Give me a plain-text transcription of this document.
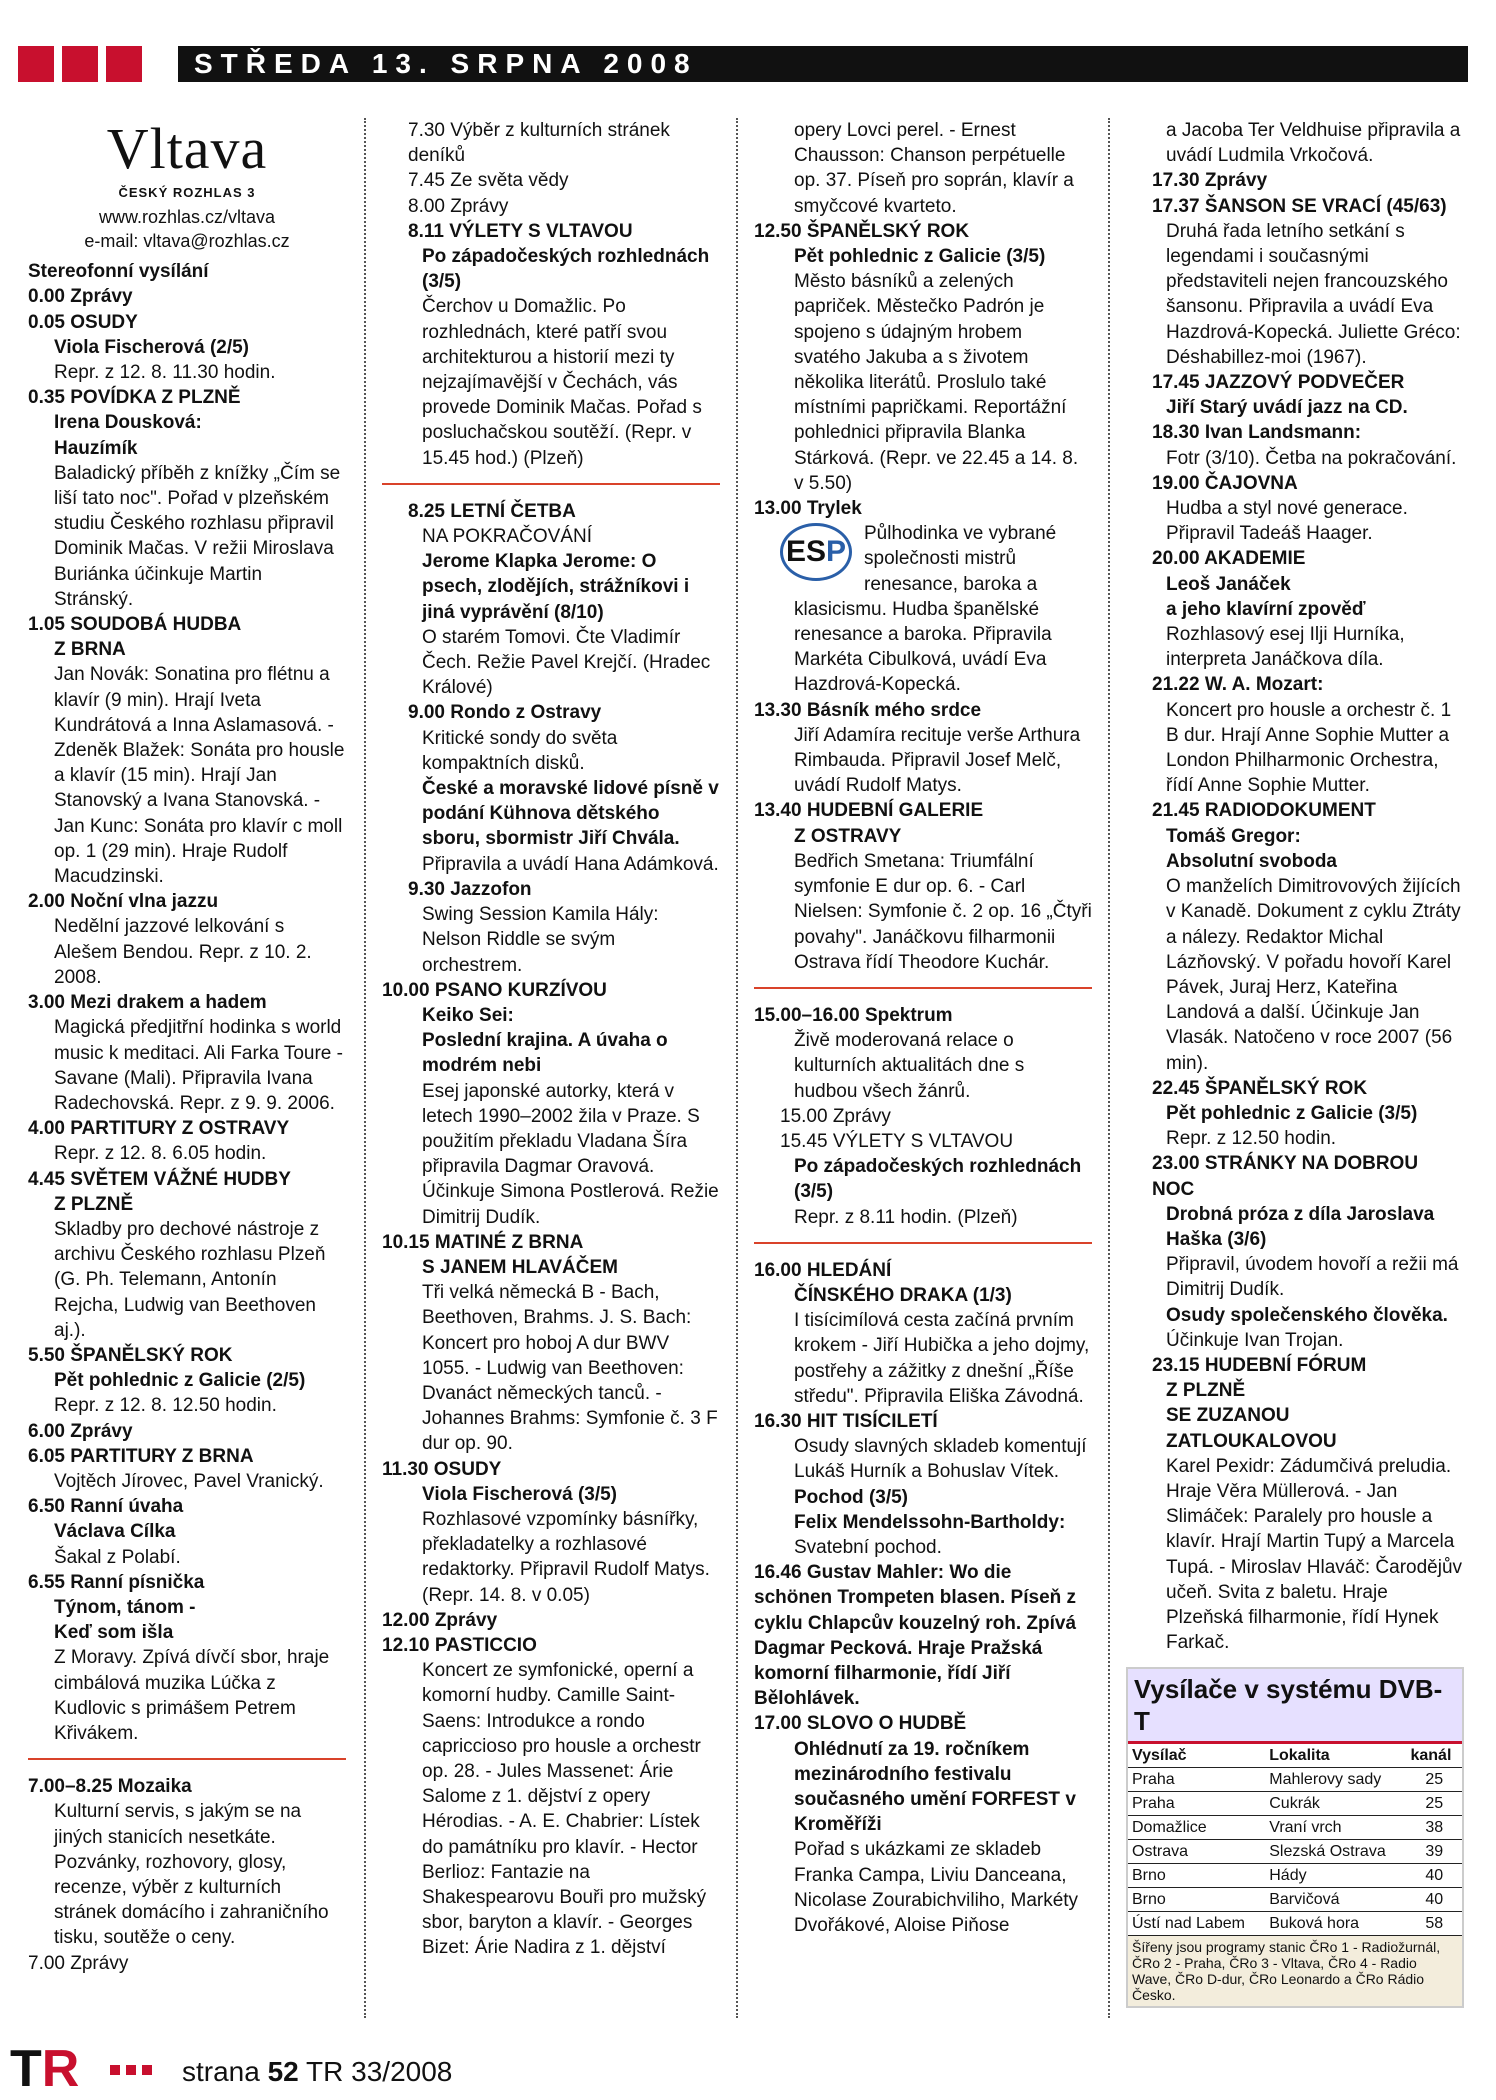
STŘEDA 13. SRPNA 2008
Vltava
ČESKÝ ROZHLAS 3
www.rozhlas.cz/vltava
e-mail: vltava@rozhlas.cz

Stereofonní vysílání

0.00 Zprávy

0.05 OSUDY

Viola Fischerová (2/5)

Repr. z 12. 8. 11.30 hodin.

0.35 POVÍDKA Z PLZNĚ

Irena Dousková:

Hauzímík

Baladický příběh z knížky „Čím se liší tato noc". Pořad v plzeňském studiu Českého rozhlasu připravil Dominik Mačas. V režii Miroslava Buriánka účinkuje Martin Stránský.

1.05 SOUDOBÁ HUDBA

Z BRNA

Jan Novák: Sonatina pro flétnu a klavír (9 min). Hrají Iveta Kundrátová a Inna Aslamasová. - Zdeněk Blažek: Sonáta pro housle a klavír (15 min). Hrají Jan Stanovský a Ivana Stanovská. - Jan Kunc: Sonáta pro klavír c moll op. 1 (29 min). Hraje Rudolf Macudzinski.

2.00 Noční vlna jazzu

Nedělní jazzové lelkování s Alešem Bendou. Repr. z 10. 2. 2008.

3.00 Mezi drakem a hadem

Magická předjitřní hodinka s world music k meditaci. Ali Farka Toure - Savane (Mali). Připravila Ivana Radechovská. Repr. z 9. 9. 2006.

4.00 PARTITURY Z OSTRAVY

Repr. z 12. 8. 6.05 hodin.

4.45 SVĚTEM VÁŽNÉ HUDBY

Z PLZNĚ

Skladby pro dechové nástroje z archivu Českého rozhlasu Plzeň (G. Ph. Telemann, Antonín Rejcha, Ludwig van Beethoven aj.).

5.50 ŠPANĚLSKÝ ROK

Pět pohlednic z Galicie (2/5)

Repr. z 12. 8. 12.50 hodin.

6.00 Zprávy

6.05 PARTITURY Z BRNA

Vojtěch Jírovec, Pavel Vranický.

6.50 Ranní úvaha

Václava Cílka

Šakal z Polabí.

6.55 Ranní písnička

Týnom, tánom -

Keď som išla

Z Moravy. Zpívá dívčí sbor, hraje cimbálová muzika Lúčka z Kudlovic s primášem Petrem Křivákem.

7.00–8.25 Mozaika

Kulturní servis, s jakým se na jiných stanicích nesetkáte. Pozvánky, rozhovory, glosy, recenze, výběr z kulturních stránek domácího i zahraničního tisku, soutěže o ceny.

7.00 Zprávy

7.30 Výběr z kulturních stránek deníků

7.45 Ze světa vědy

8.00 Zprávy

8.11 VÝLETY S VLTAVOU

Po západočeských rozhlednách (3/5)

Čerchov u Domažlic. Po rozhlednách, které patří svou architekturou a historií mezi ty nejzajímavější v Čechách, vás provede Dominik Mačas. Pořad s posluchačskou soutěží. (Repr. v 15.45 hod.) (Plzeň)

8.25 LETNÍ ČETBA

NA POKRAČOVÁNÍ

Jerome Klapka Jerome: O psech, zlodějích, strážníkovi i jiná vyprávění (8/10)

O starém Tomovi. Čte Vladimír Čech. Režie Pavel Krejčí. (Hradec Králové)

9.00 Rondo z Ostravy

Kritické sondy do světa kompaktních disků.

České a moravské lidové písně v podání Kühnova dětského sboru, sbormistr Jiří Chvála.

Připravila a uvádí Hana Adámková.

9.30 Jazzofon

Swing Session Kamila Hály: Nelson Riddle se svým orchestrem.

10.00 PSANO KURZÍVOU

Keiko Sei:

Poslední krajina. A úvaha o modrém nebi

Esej japonské autorky, která v letech 1990–2002 žila v Praze. S použitím překladu Vladana Šíra připravila Dagmar Oravová. Účinkuje Simona Postlerová. Režie Dimitrij Dudík.

10.15 MATINÉ Z BRNA

S JANEM HLAVÁČEM

Tři velká německá B - Bach, Beethoven, Brahms. J. S. Bach: Koncert pro hoboj A dur BWV 1055. - Ludwig van Beethoven: Dvanáct německých tanců. - Johannes Brahms: Symfonie č. 3 F dur op. 90.

11.30 OSUDY

Viola Fischerová (3/5)

Rozhlasové vzpomínky básnířky, překladatelky a rozhlasové redaktorky. Připravil Rudolf Matys. (Repr. 14. 8. v 0.05)

12.00 Zprávy

12.10 PASTICCIO

Koncert ze symfonické, operní a komorní hudby. Camille Saint-Saens: Introdukce a rondo capriccioso pro housle a orchestr op. 28. - Jules Massenet: Árie Salome z 1. dějství z opery Hérodias. - A. E. Chabrier: Lístek do památníku pro klavír. - Hector Berlioz: Fantazie na Shakespearovu Bouři pro mužský sbor, baryton a klavír. - Georges Bizet: Árie Nadira z 1. dějství

opery Lovci perel. - Ernest Chausson: Chanson perpétuelle op. 37. Píseň pro soprán, klavír a smyčcové kvarteto.

12.50 ŠPANĚLSKÝ ROK

Pět pohlednic z Galicie (3/5)

Město básníků a zelených papriček. Městečko Padrón je spojeno s údajným hrobem svatého Jakuba a s životem několika literátů. Proslulo také místními papričkami. Reportážní pohlednici připravila Blanka Stárková. (Repr. ve 22.45 a 14. 8. v 5.50)

13.00 Trylek

ESP

Půlhodinka ve vybrané společnosti mistrů renesance, baroka a klasicismu. Hudba španělské renesance a baroka. Připravila Markéta Cibulková, uvádí Eva Hazdrová-Kopecká.

13.30 Básník mého srdce

Jiří Adamíra recituje verše Arthura Rimbauda. Připravil Josef Melč, uvádí Rudolf Matys.

13.40 HUDEBNÍ GALERIE

Z OSTRAVY

Bedřich Smetana: Triumfální symfonie E dur op. 6. - Carl Nielsen: Symfonie č. 2 op. 16 „Čtyři povahy". Janáčkovu filharmonii Ostrava řídí Theodore Kuchár.

15.00–16.00 Spektrum

Živě moderovaná relace o kulturních aktualitách dne s hudbou všech žánrů.

15.00 Zprávy

15.45 VÝLETY S VLTAVOU

Po západočeských rozhlednách (3/5)

Repr. z 8.11 hodin. (Plzeň)

16.00 HLEDÁNÍ

ČÍNSKÉHO DRAKA (1/3)

I tisícimílová cesta začíná prvním krokem - Jiří Hubička a jeho dojmy, postřehy a zážitky z dnešní „Říše středu". Připravila Eliška Závodná.

16.30 HIT TISÍCILETÍ

Osudy slavných skladeb komentují Lukáš Hurník a Bohuslav Vítek.

Pochod (3/5)

Felix Mendelssohn-Bartholdy:

Svatební pochod.

16.46 Gustav Mahler: Wo die schönen Trompeten blasen. Píseň z cyklu Chlapcův kouzelný roh. Zpívá Dagmar Pecková. Hraje Pražská komorní filharmonie, řídí Jiří Bělohlávek.

17.00 SLOVO O HUDBĚ

Ohlédnutí za 19. ročníkem mezinárodního festivalu současného umění FORFEST v Kroměříži

Pořad s ukázkami ze skladeb Franka Campa, Liviu Danceana, Nicolase Zourabichviliho, Markéty Dvořákové, Aloise Piňose

a Jacoba Ter Veldhuise připravila a uvádí Ludmila Vrkočová.

17.30 Zprávy

17.37 ŠANSON SE VRACÍ (45/63)

Druhá řada letního setkání s legendami i současnými představiteli nejen francouzského šansonu. Připravila a uvádí Eva Hazdrová-Kopecká. Juliette Gréco: Déshabillez-moi (1967).

17.45 JAZZOVÝ PODVEČER

Jiří Starý uvádí jazz na CD.

18.30 Ivan Landsmann:

Fotr (3/10). Četba na pokračování.

19.00 ČAJOVNA

Hudba a styl nové generace. Připravil Tadeáš Haager.

20.00 AKADEMIE

Leoš Janáček

a jeho klavírní zpověď

Rozhlasový esej Ilji Hurníka, interpreta Janáčkova díla.

21.22 W. A. Mozart:

Koncert pro housle a orchestr č. 1 B dur. Hrají Anne Sophie Mutter a London Philharmonic Orchestra, řídí Anne Sophie Mutter.

21.45 RADIODOKUMENT

Tomáš Gregor:

Absolutní svoboda

O manželích Dimitrovových žijících v Kanadě. Dokument z cyklu Ztráty a nálezy. Redaktor Michal Lázňovský. V pořadu hovoří Karel Pávek, Juraj Herz, Kateřina Landová a další. Účinkuje Jan Vlasák. Natočeno v roce 2007 (56 min).

22.45 ŠPANĚLSKÝ ROK

Pět pohlednic z Galicie (3/5)

Repr. z 12.50 hodin.

23.00 STRÁNKY NA DOBROU NOC

Drobná próza z díla Jaroslava Haška (3/6)

Připravil, úvodem hovoří a režii má Dimitrij Dudík.

Osudy společenského člověka.

Účinkuje Ivan Trojan.

23.15 HUDEBNÍ FÓRUM

Z PLZNĚ

SE ZUZANOU ZATLOUKALOVOU

Karel Pexidr: Zádumčivá preludia. Hraje Věra Müllerová. - Jan Slimáček: Paralely pro housle a klavír. Hrají Martin Tupý a Marcela Tupá. - Miroslav Hlaváč: Čarodějův učeň. Svita z baletu. Hraje Plzeňská filharmonie, řídí Hynek Farkač.

Vysílače v systému DVB-T
Vysílač	Lokalita	kanál
Praha	Mahlerovy sady	25
Praha	Cukrák	25
Domažlice	Vraní vrch	38
Ostrava	Slezská Ostrava	39
Brno	Hády	40
Brno	Barvičová	40
Ústí nad Labem	Buková hora	58
Šířeny jsou programy stanic ČRo 1 - Radiožurnál, ČRo 2 - Praha, ČRo 3 - Vltava, ČRo 4 - Radio Wave, ČRo D-dur, ČRo Leonardo a ČRo Rádio Česko.
TR	strana 52 TR 33/2008
